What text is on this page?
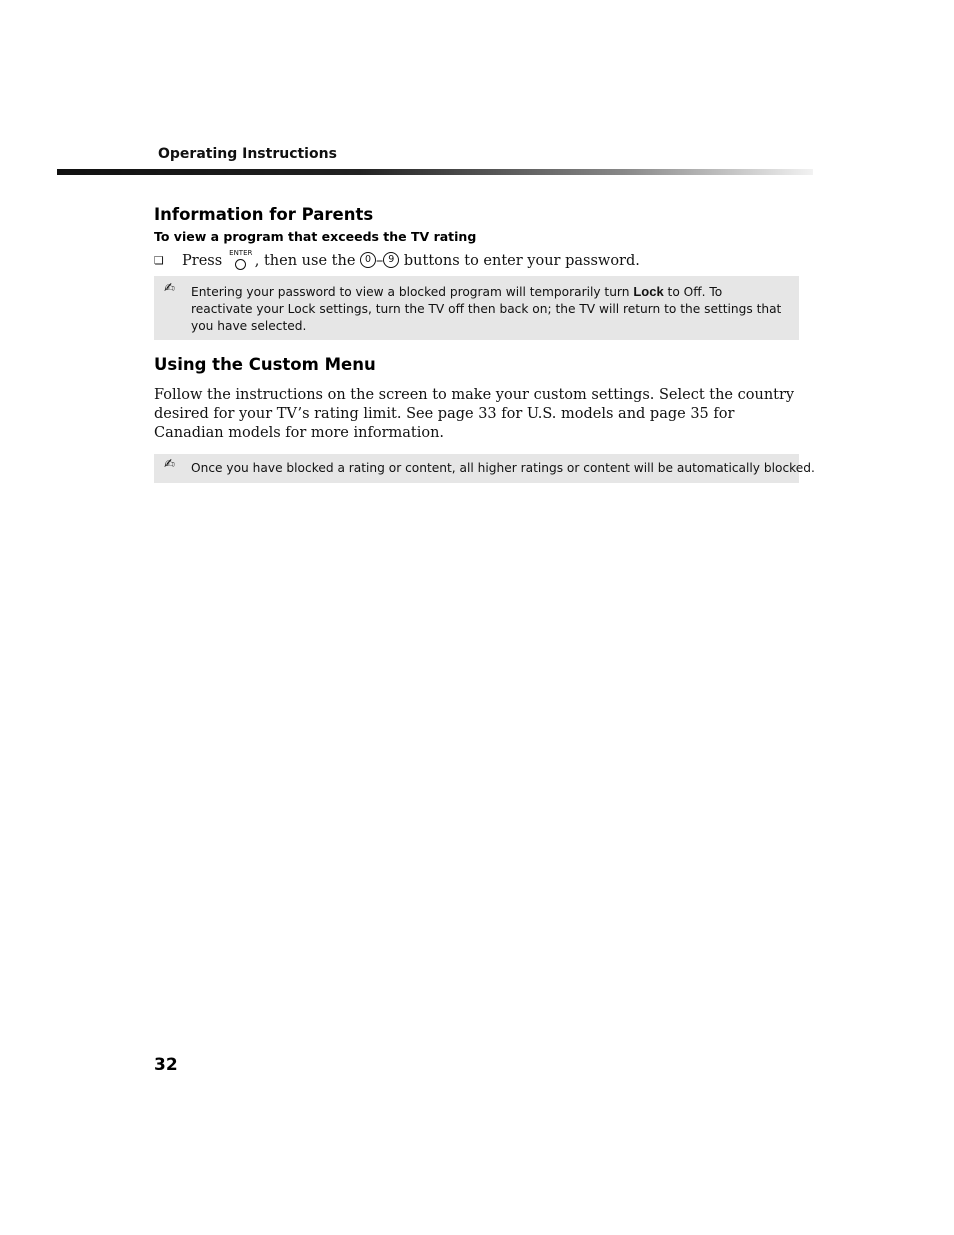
Operating Instructions
Information for Parents
To view a program that exceeds the TV rating
❏ Press ENTER , then use the 0 – 9 buttons to enter your password.
✍ Entering your password to view a blocked program will temporarily turn Lock to Off. To reactivate your Lock settings, turn the TV off then back on; the TV will return to the settings that you have selected.
Using the Custom Menu
Follow the instructions on the screen to make your custom settings. Select the country desired for your TV’s rating limit. See page 33 for U.S. models and page 35 for Canadian models for more information.
✍ Once you have blocked a rating or content, all higher ratings or content will be automatically blocked.
32
